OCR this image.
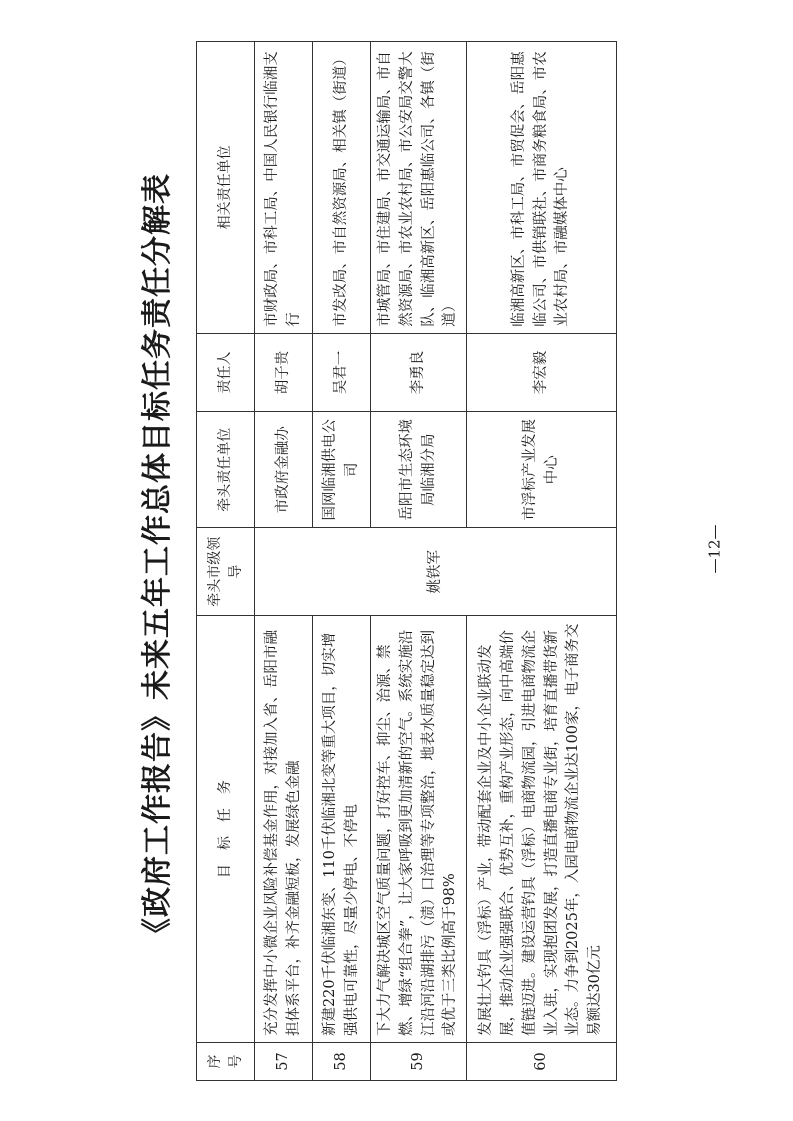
《政府工作报告》未来五年工作总体目标任务责任分解表
序号	目　标　任　务	牵头市级领导	牵头责任单位	责任人	相关责任单位
57	充分发挥中小微企业风险补偿基金作用，对接加入省、岳阳市融担体系平台，补齐金融短板，发展绿色金融	姚铁军	市政府金融办	胡子贵	市财政局、市科工局、中国人民银行临湘支行
58	新建220千伏临湘东变、110千伏临湘北变等重大项目，切实增强供电可靠性，尽量少停电、不停电		国网临湘供电公司	吴君一	市发改局、市自然资源局、相关镇（街道）
59	下大力气解决城区空气质量问题，打好控车、抑尘、治源、禁燃、增绿“组合拳”，让大家呼吸到更加清新的空气。系统实施沿江沿河沿湖排污（渍）口治理等专项整治，地表水质量稳定达到或优于三类比例高于98%		岳阳市生态环境局临湘分局	李勇良	市城管局、市住建局、市交通运输局、市自然资源局、市农业农村局、市公安局交警大队、临湘高新区、岳阳惠临公司、各镇（街道）
60	发展壮大钓具（浮标）产业，带动配套企业及中小企业联动发展，推动企业强强联合、优势互补，重构产业形态，向中高端价值链迈进。建设运营钓具（浮标）电商物流园，引进电商物流企业入驻，实现抱团发展，打造直播电商专业街，培育直播带货新业态。力争到2025年，入园电商物流企业达100家，电子商务交易额达30亿元		市浮标产业发展中心	李宏毅	临湘高新区、市科工局、市贸促会、岳阳惠临公司、市供销联社、市商务粮食局、市农业农村局、市融媒体中心
—12—
